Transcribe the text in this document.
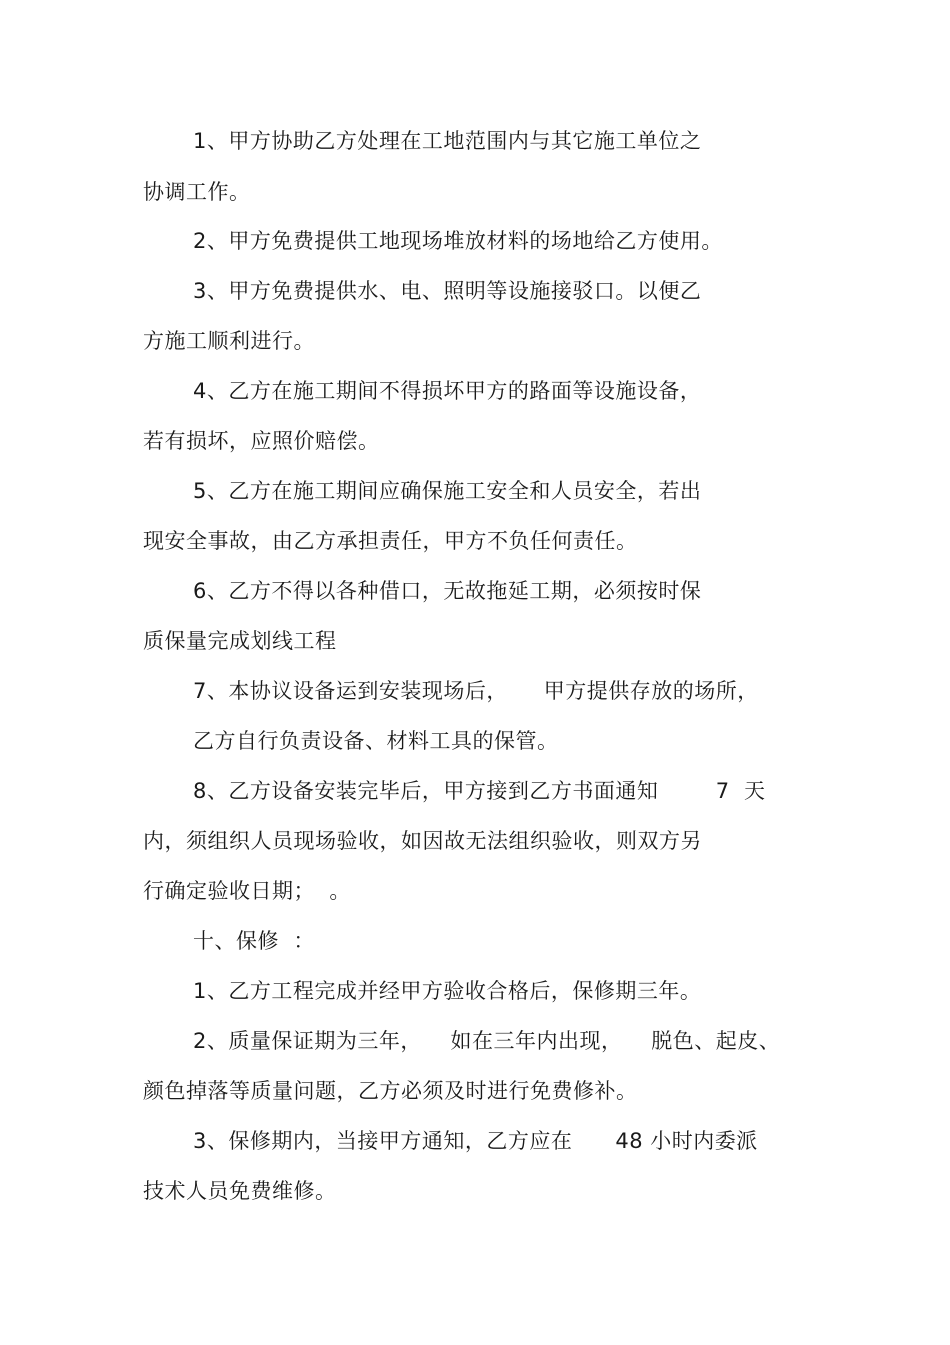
1、甲方协助乙方处理在工地范围内与其它施工单位之
协调工作。
2、甲方免费提供工地现场堆放材料的场地给乙方使用。
3、甲方免费提供水、电、照明等设施接驳口。以便乙
方施工顺利进行。
4、乙方在施工期间不得损坏甲方的路面等设施设备，
若有损坏，应照价赔偿。
5、乙方在施工期间应确保施工安全和人员安全，若出
现安全事故，由乙方承担责任，甲方不负任何责任。
6、乙方不得以各种借口，无故拖延工期，必须按时保
质保量完成划线工程
7、本协议设备运到安装现场后，     甲方提供存放的场所，
乙方自行负责设备、材料工具的保管。
8、乙方设备安装完毕后，甲方接到乙方书面通知        7  天
内，须组织人员现场验收，如因故无法组织验收，则双方另
行确定验收日期；  。
十、保修  ：
1、乙方工程完成并经甲方验收合格后，保修期三年。
2、质量保证期为三年，    如在三年内出现，    脱色、起皮、
颜色掉落等质量问题，乙方必须及时进行免费修补。
3、保修期内，当接甲方通知，乙方应在      48 小时内委派
技术人员免费维修。
